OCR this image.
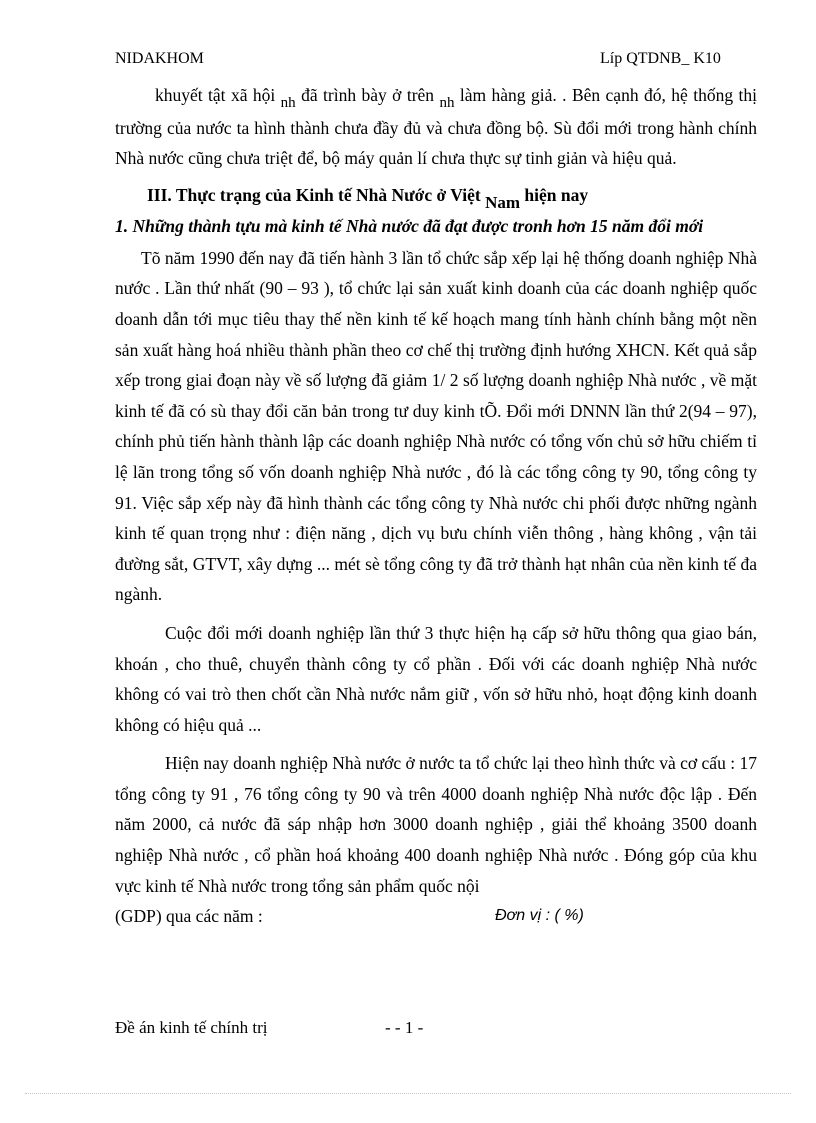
NIDAKHOM	Líp QTDNB_ K10

khuyết tật xã hội nh đã trình bày ở trên nh làm hàng giả. . Bên cạnh đó, hệ thống thị trường của nước ta hình thành chưa đầy đủ và chưa đồng bộ. Sù đổi mới trong hành chính Nhà nước cũng chưa triệt để, bộ máy quản lí chưa thực sự tinh giản và hiệu quả.

III. Thực trạng của Kinh tế Nhà Nước ở Việt Nam hiện nay

1. Những thành tựu mà kinh tế Nhà nước đã đạt được tronh hơn 15 năm đổi mới

Tõ năm 1990 đến nay đã tiến hành 3 lần tổ chức sắp xếp lại hệ thống doanh nghiệp Nhà nước . Lần thứ nhất (90 – 93 ), tổ chức lại sản xuất kinh doanh của các doanh nghiệp quốc doanh dẫn tới mục tiêu thay thế nền kinh tế kế hoạch mang tính hành chính bằng một nền sản xuất hàng hoá nhiều thành phần theo cơ chế thị trường định hướng XHCN. Kết quả sắp xếp trong giai đoạn này về số lượng đã giảm 1/ 2 số lượng doanh nghiệp Nhà nước , về mặt kinh tế đã có sù thay đổi căn bản trong tư duy kinh tÕ. Đổi mới DNNN lần thứ 2(94 – 97), chính phủ tiến hành thành lập các doanh nghiệp Nhà nước có tổng vốn chủ sở hữu chiếm tỉ lệ lãn trong tổng số vốn doanh nghiệp Nhà nước , đó là các tổng công ty 90, tổng công ty 91. Việc sắp xếp này đã hình thành các tổng công ty Nhà nước chi phối được những ngành kinh tế quan trọng như : điện năng , dịch vụ bưu chính viễn thông , hàng không , vận tải đường sắt, GTVT, xây dựng ... mét sè tổng công ty đã trở thành hạt nhân của nền kinh tế đa ngành.

Cuộc đổi mới doanh nghiệp lần thứ 3 thực hiện hạ cấp sở hữu thông qua giao bán, khoán , cho thuê, chuyển thành công ty cổ phần . Đối với các doanh nghiệp Nhà nước không có vai trò then chốt cần Nhà nước nắm giữ , vốn sở hữu nhỏ, hoạt động kinh doanh không có hiệu quả ...

Hiện nay doanh nghiệp Nhà nước ở nước ta tổ chức lại theo hình thức và cơ cấu : 17 tổng công ty 91 , 76 tổng công ty 90 và trên 4000 doanh nghiệp Nhà nước độc lập . Đến năm 2000, cả nước đã sáp nhập hơn 3000 doanh nghiệp , giải thể khoảng 3500 doanh nghiệp Nhà nước , cổ phần hoá khoảng 400 doanh nghiệp Nhà nước . Đóng góp của khu vực kinh tế Nhà nước trong tổng sản phẩm quốc nội

(GDP) qua các năm :	Đơn vị : ( %)

Đề án kinh tế chính trị	- - 1 -
